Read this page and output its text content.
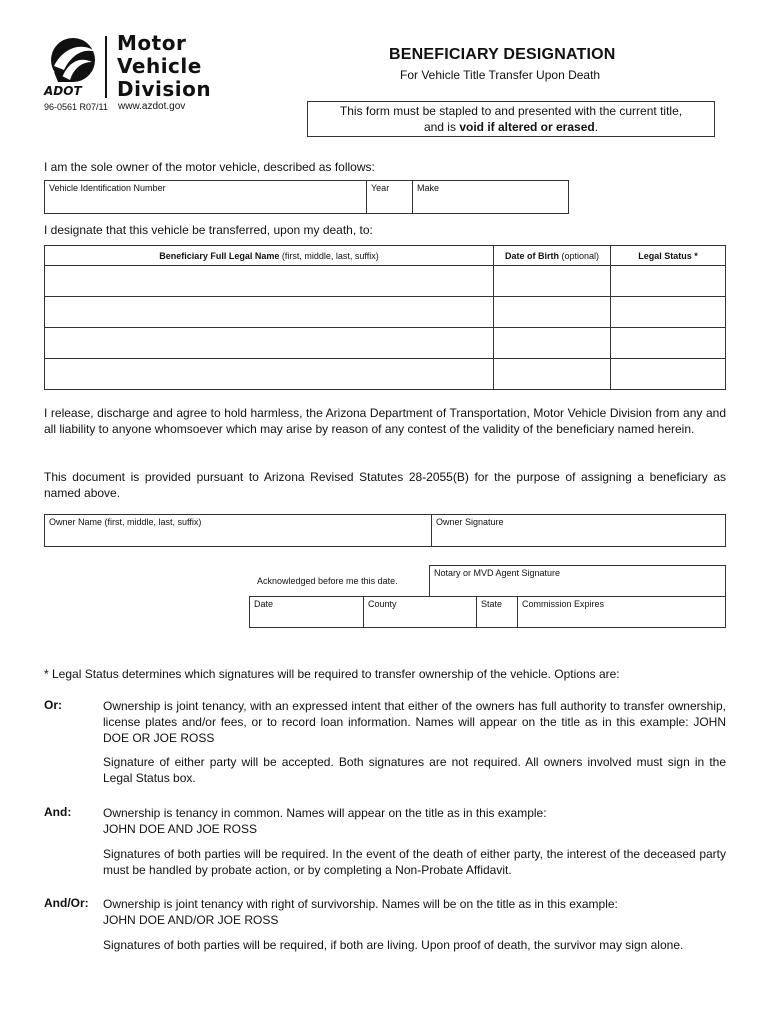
ADOT
Motor
Vehicle
Division
96-0561 R07/11 www.azdot.gov
BENEFICIARY DESIGNATION
For Vehicle Title Transfer Upon Death
This form must be stapled to and presented with the current title,
and is void if altered or erased.
I am the sole owner of the motor vehicle, described as follows:
Vehicle Identification Number	Year	Make
I designate that this vehicle be transferred, upon my death, to:
Beneficiary Full Legal Name (first, middle, last, suffix)	Date of Birth (optional)	Legal Status *

I release, discharge and agree to hold harmless, the Arizona Department of Transportation, Motor Vehicle Division from any and all liability to anyone whomsoever which may arise by reason of any contest of the validity of the beneficiary named herein.
This document is provided pursuant to Arizona Revised Statutes 28-2055(B) for the purpose of assigning a beneficiary as named above.
Owner Name (first, middle, last, suffix)	Owner Signature
Acknowledged before me this date.
Notary or MVD Agent Signature
Date	County	State	Commission Expires
* Legal Status determines which signatures will be required to transfer ownership of the vehicle. Options are:
Or:	Ownership is joint tenancy, with an expressed intent that either of the owners has full authority to transfer ownership, license plates and/or fees, or to record loan information. Names will appear on the title as in this example: JOHN DOE OR JOE ROSS
Signature of either party will be accepted. Both signatures are not required. All owners involved must sign in the Legal Status box.
And:	Ownership is tenancy in common. Names will appear on the title as in this example:
JOHN DOE AND JOE ROSS
Signatures of both parties will be required. In the event of the death of either party, the interest of the deceased party must be handled by probate action, or by completing a Non-Probate Affidavit.
And/Or: Ownership is joint tenancy with right of survivorship. Names will be on the title as in this example:
JOHN DOE AND/OR JOE ROSS
Signatures of both parties will be required, if both are living. Upon proof of death, the survivor may sign alone.
